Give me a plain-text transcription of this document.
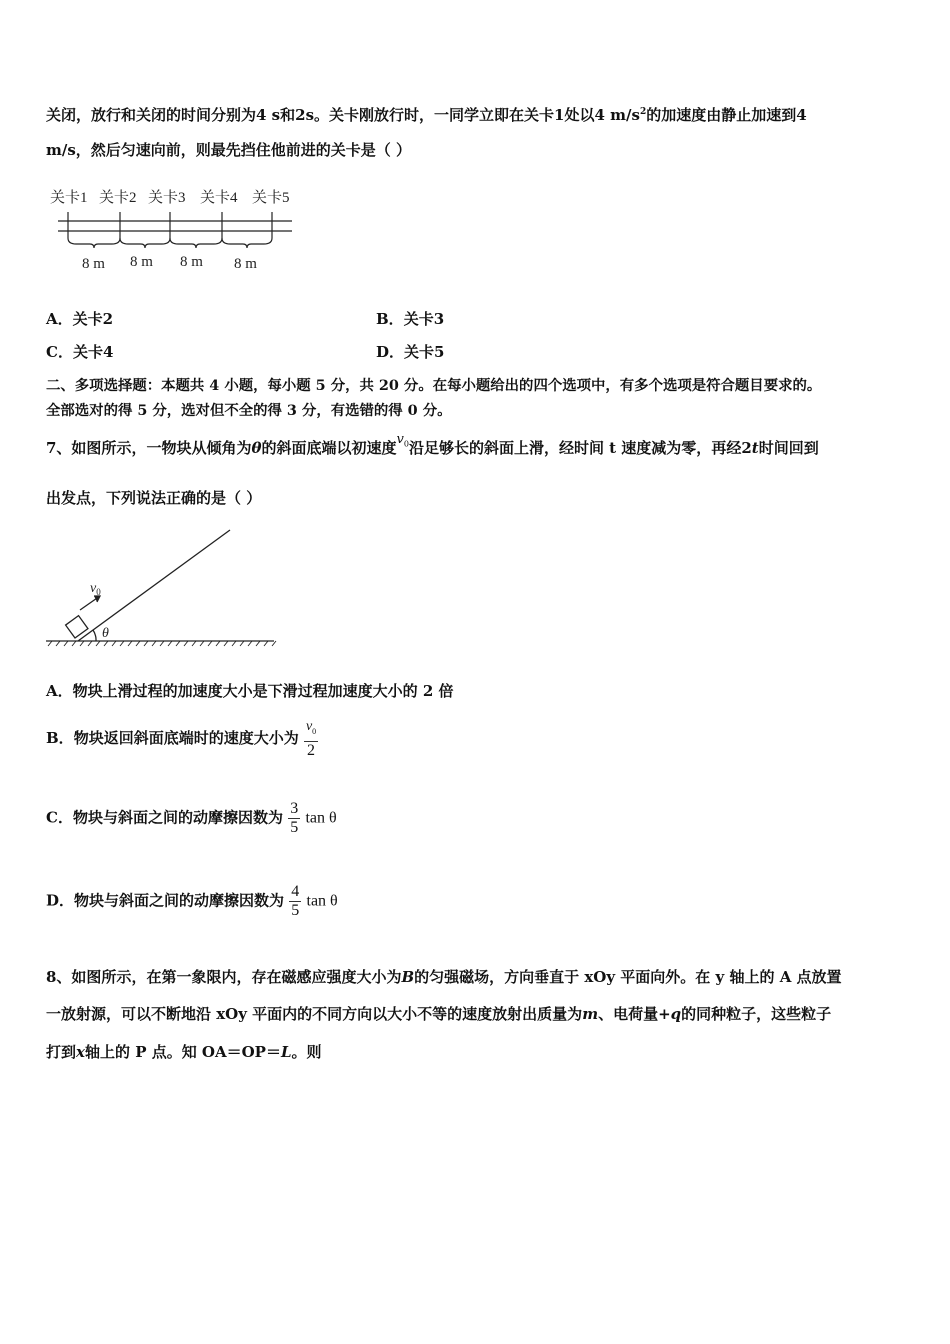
关闭，放行和关闭的时间分别为4 s和2s。关卡刚放行时，一同学立即在关卡1处以4 $m/s^2$的加速度由静止加速到4
m/s，然后匀速向前，则最先挡住他前进的关卡是（ ）
关卡1 关卡2 关卡3 关卡4 关卡5
8 m 8 m 8 m 8 m
A．关卡2	B．关卡3
C．关卡4	D．关卡5
二、多项选择题：本题共 4 小题，每小题 5 分，共 20 分。在每小题给出的四个选项中，有多个选项是符合题目要求的。
全部选对的得 5 分，选对但不全的得 3 分，有选错的得 0 分。
7、如图所示，一物块从倾角为θ的斜面底端以初速度$v_0$沿足够长的斜面上滑，经时间 t 速度减为零，再经2t时间回到
出发点，下列说法正确的是（ ）
$v_0$
θ
A．物块上滑过程的加速度大小是下滑过程加速度大小的 2 倍
B．物块返回斜面底端时的速度大小为 $\frac{v_0}{2}$
C．物块与斜面之间的动摩擦因数为 $\frac{3}{5}$ tan θ
D．物块与斜面之间的动摩擦因数为 $\frac{4}{5}$ tan θ
8、如图所示，在第一象限内，存在磁感应强度大小为B的匀强磁场，方向垂直于 xOy 平面向外。在 y 轴上的 A 点放置
一放射源，可以不断地沿 xOy 平面内的不同方向以大小不等的速度放射出质量为m、电荷量+q的同种粒子，这些粒子
打到x轴上的 P 点。知 OA＝OP＝L。则
